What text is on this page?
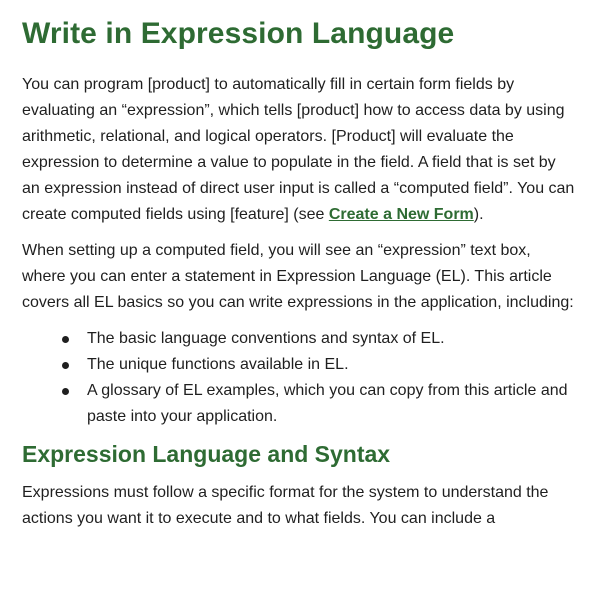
Write in Expression Language

You can program [product] to automatically fill in certain form fields by evaluating an “expression”, which tells [product] how to access data by using arithmetic, relational, and logical operators. [Product] will evaluate the expression to determine a value to populate in the field. A field that is set by an expression instead of direct user input is called a “computed field”. You can create computed fields using [feature] (see Create a New Form).

When setting up a computed field, you will see an “expression” text box, where you can enter a statement in Expression Language (EL). This article covers all EL basics so you can write expressions in the application, including:

The basic language conventions and syntax of EL.
The unique functions available in EL.
A glossary of EL examples, which you can copy from this article and paste into your application.
Expression Language and Syntax

Expressions must follow a specific format for the system to understand the actions you want it to execute and to what fields. You can include a
